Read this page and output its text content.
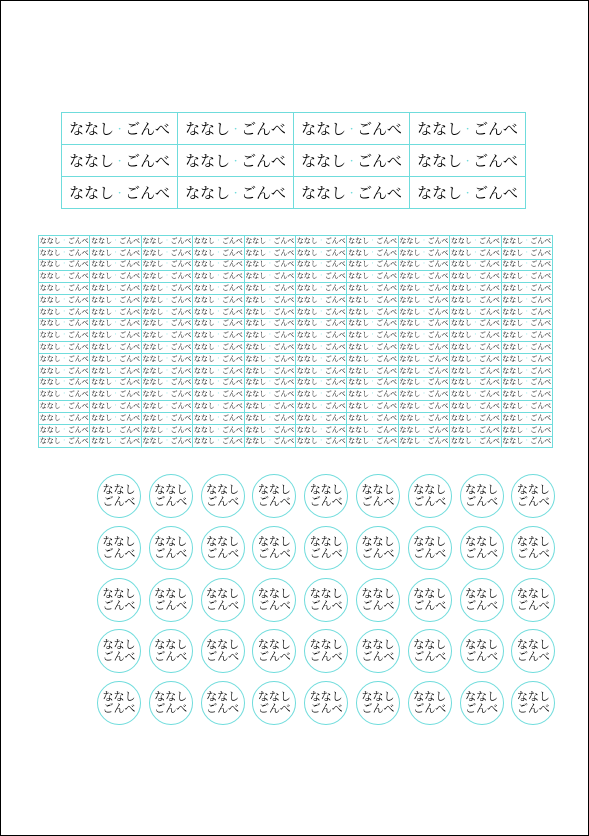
ななし ・ ごんべ ななし ・ ごんべ ななし ・ ごんべ ななし ・ ごんべ
ななし ・ ごんべ ななし ・ ごんべ ななし ・ ごんべ ななし ・ ごんべ
ななし ・ ごんべ ななし ・ ごんべ ななし ・ ごんべ ななし ・ ごんべ
ななし ・ ごんべ ななし ・ ごんべ ななし ・ ごんべ ななし ・ ごんべ ななし ・ ごんべ ななし ・ ごんべ ななし ・ ごんべ ななし ・ ごんべ ななし ・ ごんべ ななし ・ ごんべ
ななし ・ ごんべ ななし ・ ごんべ ななし ・ ごんべ ななし ・ ごんべ ななし ・ ごんべ ななし ・ ごんべ ななし ・ ごんべ ななし ・ ごんべ ななし ・ ごんべ ななし ・ ごんべ
ななし ・ ごんべ ななし ・ ごんべ ななし ・ ごんべ ななし ・ ごんべ ななし ・ ごんべ ななし ・ ごんべ ななし ・ ごんべ ななし ・ ごんべ ななし ・ ごんべ ななし ・ ごんべ
ななし ・ ごんべ ななし ・ ごんべ ななし ・ ごんべ ななし ・ ごんべ ななし ・ ごんべ ななし ・ ごんべ ななし ・ ごんべ ななし ・ ごんべ ななし ・ ごんべ ななし ・ ごんべ
ななし ・ ごんべ ななし ・ ごんべ ななし ・ ごんべ ななし ・ ごんべ ななし ・ ごんべ ななし ・ ごんべ ななし ・ ごんべ ななし ・ ごんべ ななし ・ ごんべ ななし ・ ごんべ
ななし ・ ごんべ ななし ・ ごんべ ななし ・ ごんべ ななし ・ ごんべ ななし ・ ごんべ ななし ・ ごんべ ななし ・ ごんべ ななし ・ ごんべ ななし ・ ごんべ ななし ・ ごんべ
ななし ・ ごんべ ななし ・ ごんべ ななし ・ ごんべ ななし ・ ごんべ ななし ・ ごんべ ななし ・ ごんべ ななし ・ ごんべ ななし ・ ごんべ ななし ・ ごんべ ななし ・ ごんべ
ななし ・ ごんべ ななし ・ ごんべ ななし ・ ごんべ ななし ・ ごんべ ななし ・ ごんべ ななし ・ ごんべ ななし ・ ごんべ ななし ・ ごんべ ななし ・ ごんべ ななし ・ ごんべ
ななし ・ ごんべ ななし ・ ごんべ ななし ・ ごんべ ななし ・ ごんべ ななし ・ ごんべ ななし ・ ごんべ ななし ・ ごんべ ななし ・ ごんべ ななし ・ ごんべ ななし ・ ごんべ
ななし ・ ごんべ ななし ・ ごんべ ななし ・ ごんべ ななし ・ ごんべ ななし ・ ごんべ ななし ・ ごんべ ななし ・ ごんべ ななし ・ ごんべ ななし ・ ごんべ ななし ・ ごんべ
ななし ・ ごんべ ななし ・ ごんべ ななし ・ ごんべ ななし ・ ごんべ ななし ・ ごんべ ななし ・ ごんべ ななし ・ ごんべ ななし ・ ごんべ ななし ・ ごんべ ななし ・ ごんべ
ななし ・ ごんべ ななし ・ ごんべ ななし ・ ごんべ ななし ・ ごんべ ななし ・ ごんべ ななし ・ ごんべ ななし ・ ごんべ ななし ・ ごんべ ななし ・ ごんべ ななし ・ ごんべ
ななし ・ ごんべ ななし ・ ごんべ ななし ・ ごんべ ななし ・ ごんべ ななし ・ ごんべ ななし ・ ごんべ ななし ・ ごんべ ななし ・ ごんべ ななし ・ ごんべ ななし ・ ごんべ
ななし ・ ごんべ ななし ・ ごんべ ななし ・ ごんべ ななし ・ ごんべ ななし ・ ごんべ ななし ・ ごんべ ななし ・ ごんべ ななし ・ ごんべ ななし ・ ごんべ ななし ・ ごんべ
ななし ・ ごんべ ななし ・ ごんべ ななし ・ ごんべ ななし ・ ごんべ ななし ・ ごんべ ななし ・ ごんべ ななし ・ ごんべ ななし ・ ごんべ ななし ・ ごんべ ななし ・ ごんべ
ななし ・ ごんべ ななし ・ ごんべ ななし ・ ごんべ ななし ・ ごんべ ななし ・ ごんべ ななし ・ ごんべ ななし ・ ごんべ ななし ・ ごんべ ななし ・ ごんべ ななし ・ ごんべ
ななし ・ ごんべ ななし ・ ごんべ ななし ・ ごんべ ななし ・ ごんべ ななし ・ ごんべ ななし ・ ごんべ ななし ・ ごんべ ななし ・ ごんべ ななし ・ ごんべ ななし ・ ごんべ
ななし ・ ごんべ ななし ・ ごんべ ななし ・ ごんべ ななし ・ ごんべ ななし ・ ごんべ ななし ・ ごんべ ななし ・ ごんべ ななし ・ ごんべ ななし ・ ごんべ ななし ・ ごんべ
ななし
ごんべ
ななし
ごんべ
ななし
ごんべ
ななし
ごんべ
ななし
ごんべ
ななし
ごんべ
ななし
ごんべ
ななし
ごんべ
ななし
ごんべ
ななし
ごんべ
ななし
ごんべ
ななし
ごんべ
ななし
ごんべ
ななし
ごんべ
ななし
ごんべ
ななし
ごんべ
ななし
ごんべ
ななし
ごんべ
ななし
ごんべ
ななし
ごんべ
ななし
ごんべ
ななし
ごんべ
ななし
ごんべ
ななし
ごんべ
ななし
ごんべ
ななし
ごんべ
ななし
ごんべ
ななし
ごんべ
ななし
ごんべ
ななし
ごんべ
ななし
ごんべ
ななし
ごんべ
ななし
ごんべ
ななし
ごんべ
ななし
ごんべ
ななし
ごんべ
ななし
ごんべ
ななし
ごんべ
ななし
ごんべ
ななし
ごんべ
ななし
ごんべ
ななし
ごんべ
ななし
ごんべ
ななし
ごんべ
ななし
ごんべ
